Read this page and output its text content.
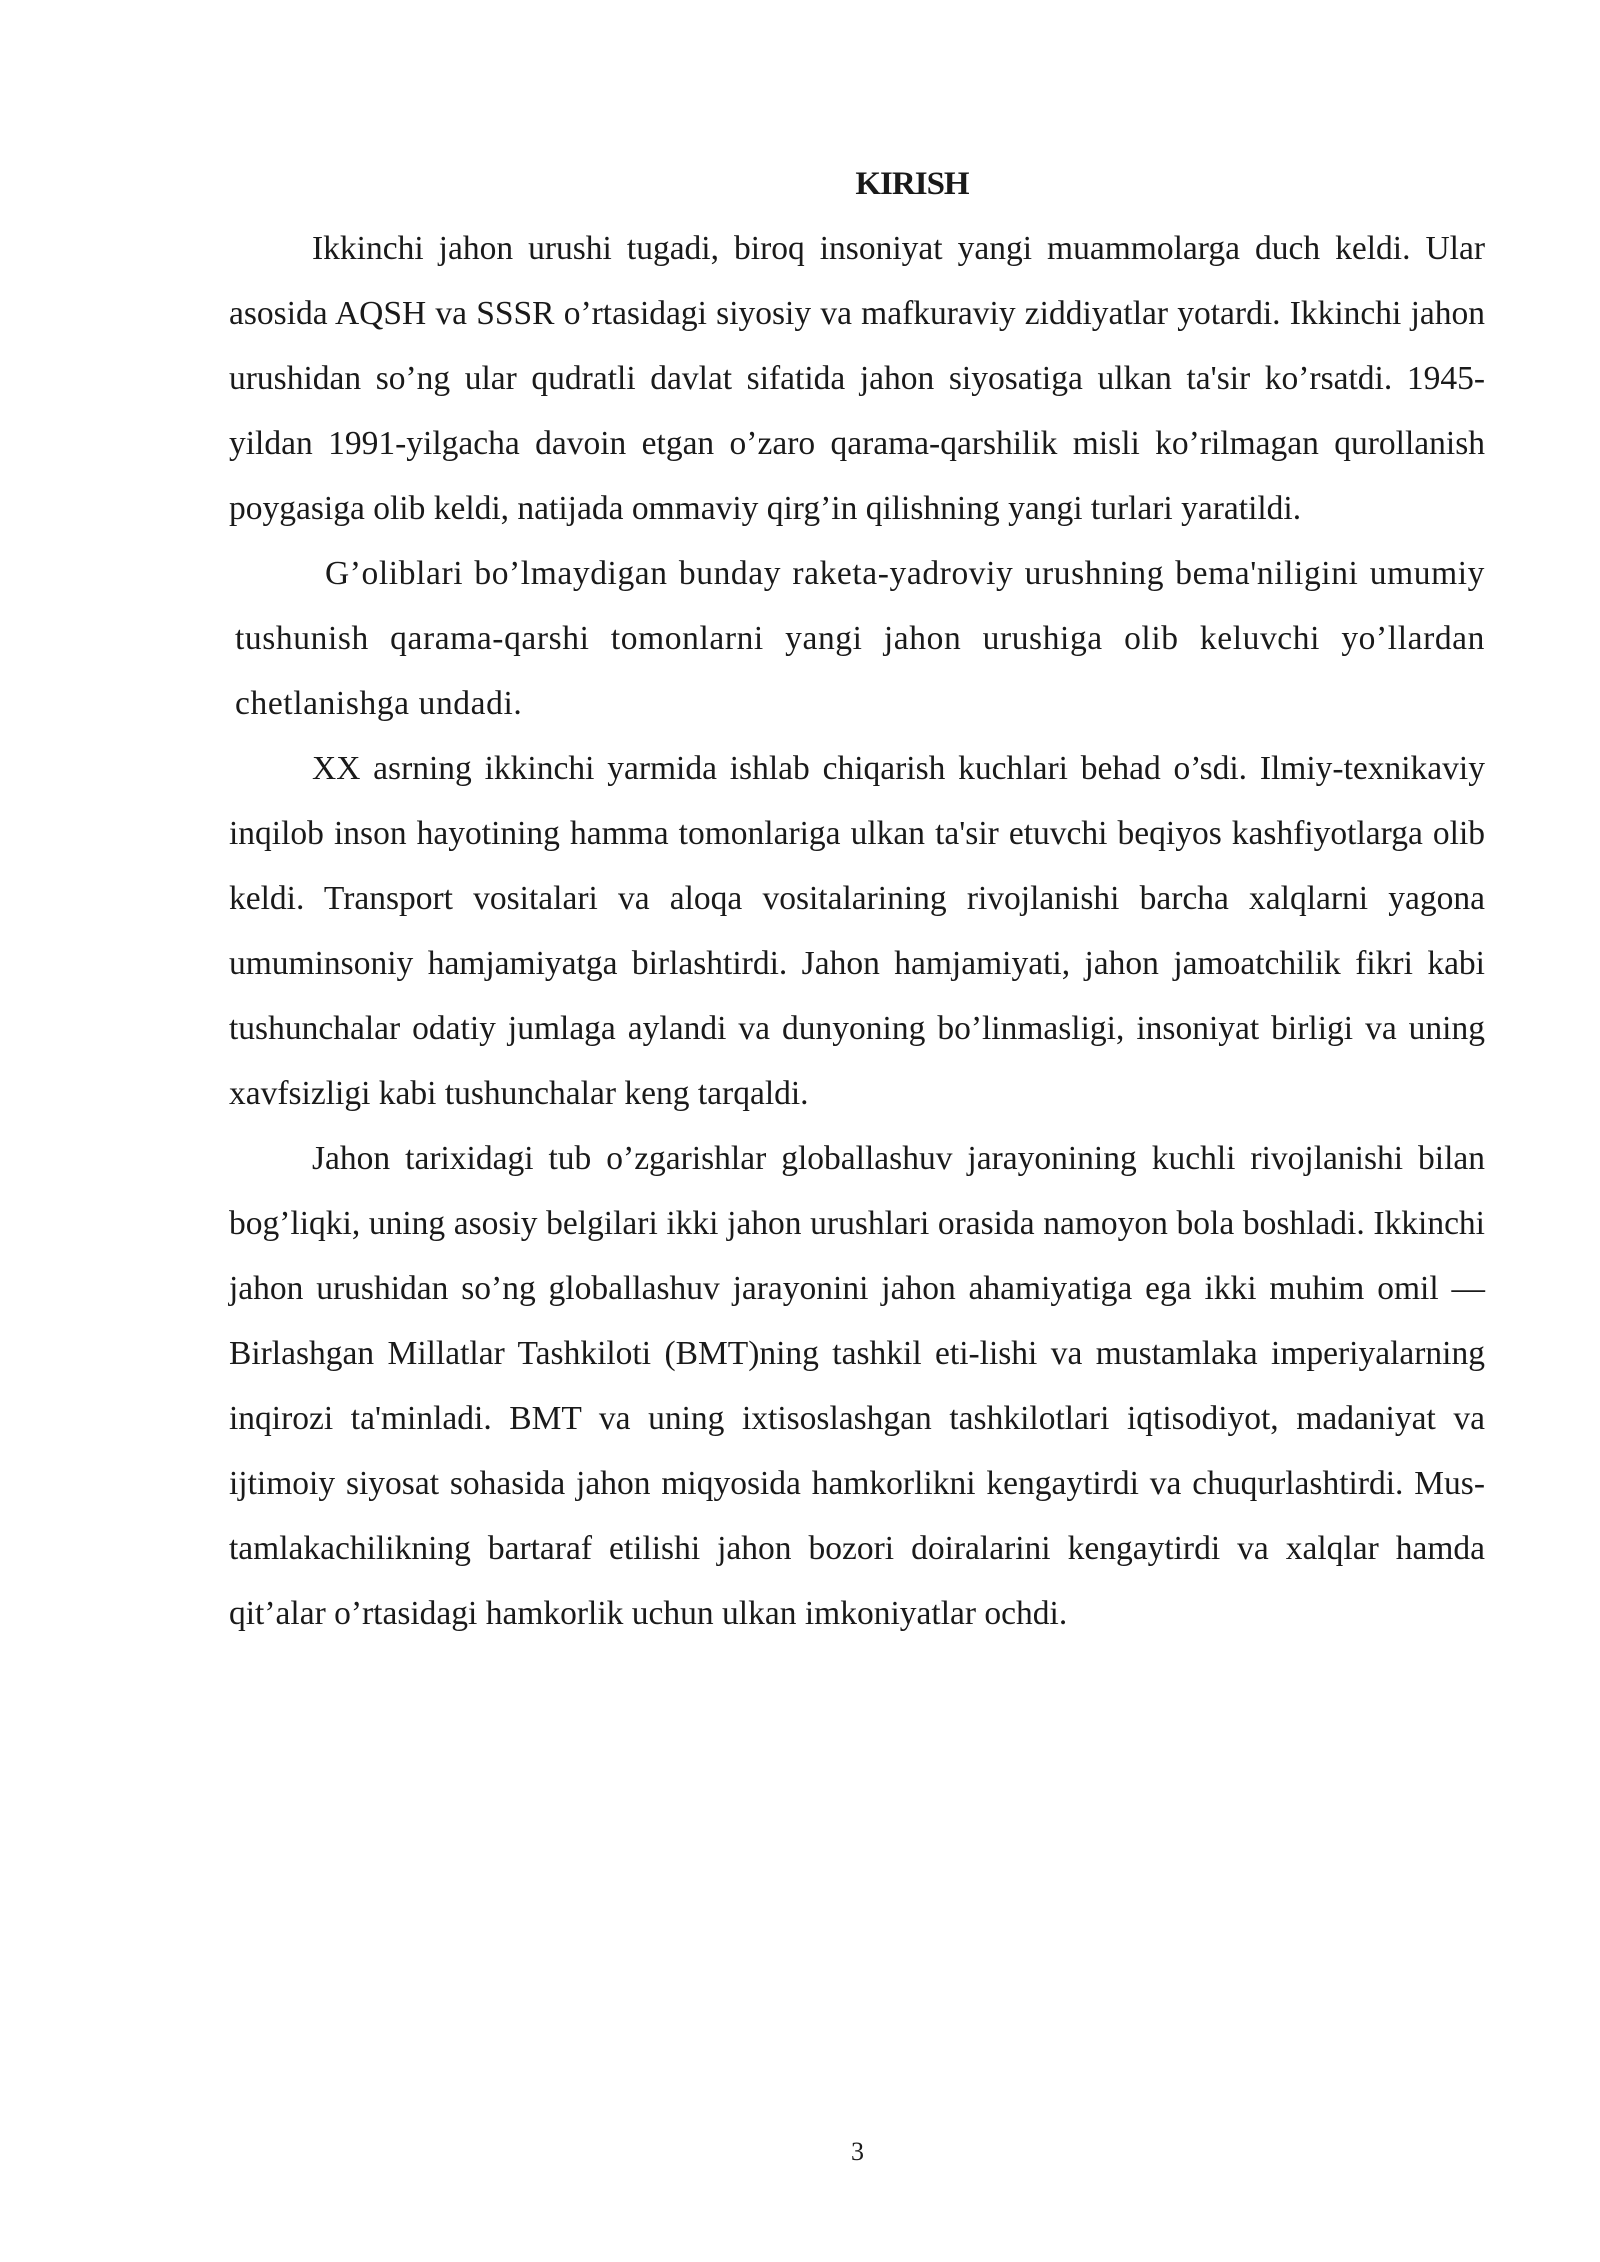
KIRISH

Ikkinchi jahon urushi tugadi, biroq insoniyat yangi muammolarga duch keldi. Ular asosida AQSH va SSSR o’rtasidagi siyosiy va mafkuraviy ziddiyatlar yotardi. Ikkinchi jahon urushidan so’ng ular qudratli davlat sifatida jahon siyosatiga ulkan ta'sir ko’rsatdi. 1945-yildan 1991-yilgacha davoin etgan o’zaro qarama-qarshilik misli ko’rilmagan qurollanish poygasiga olib keldi, natijada ommaviy qirg’in qilishning yangi turlari yaratildi.

G’oliblari bo’lmaydigan bunday raketa-yadroviy urushning bema'niligini umumiy tushunish qarama-qarshi tomonlarni yangi jahon urushiga olib keluvchi yo’llardan chetlanishga undadi.

XX asrning ikkinchi yarmida ishlab chiqarish kuchlari behad o’sdi. Ilmiy-texnikaviy inqilob inson hayotining hamma tomonlariga ulkan ta'sir etuvchi beqiyos kashfiyotlarga olib keldi. Transport vositalari va aloqa vositalarining rivojlanishi barcha xalqlarni yagona umuminsoniy hamjamiyatga birlashtirdi. Jahon hamjamiyati, jahon jamoatchilik fikri kabi tushunchalar odatiy jumlaga aylandi va dunyoning bo’linmasligi, insoniyat birligi va uning xavfsizligi kabi tushunchalar keng tarqaldi.

Jahon tarixidagi tub o’zgarishlar globallashuv jarayonining kuchli rivojlanishi bilan bog’liqki, uning asosiy belgilari ikki jahon urushlari orasida namoyon bola boshladi. Ikkinchi jahon urushidan so’ng globallashuv jarayonini jahon ahamiyatiga ega ikki muhim omil — Birlashgan Millatlar Tashkiloti (BMT)ning tashkil eti-lishi va mustamlaka imperiyalarning inqirozi ta'minladi. BMT va uning ixtisoslashgan tashkilotlari iqtisodiyot, madaniyat va ijtimoiy siyosat sohasida jahon miqyosida hamkorlikni kengaytirdi va chuqurlashtirdi. Mus-tamlakachilikning bartaraf etilishi jahon bozori doiralarini kengaytirdi va xalqlar hamda qit’alar o’rtasidagi hamkorlik uchun ulkan imkoniyatlar ochdi.

3
